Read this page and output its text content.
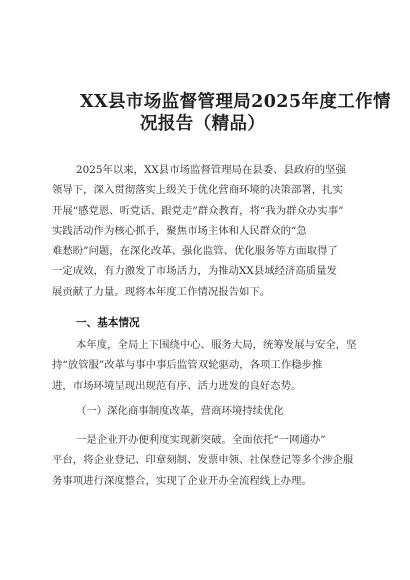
XX县市场监督管理局2025年度工作情
况报告（精品）
2025年以来，XX县市场监督管理局在县委、县政府的坚强
领导下，深入贯彻落实上级关于优化营商环境的决策部署，扎实
开展“感党恩、听党话、跟党走”群众教育，将“我为群众办实事”
实践活动作为核心抓手，聚焦市场主体和人民群众的“急
难愁盼”问题，在深化改革、强化监管、优化服务等方面取得了
一定成效，有力激发了市场活力，为推动XX县域经济高质量发
展贡献了力量。现将本年度工作情况报告如下。
一、基本情况
本年度，全局上下围绕中心、服务大局，统筹发展与安全，坚
持“放管服”改革与事中事后监管双轮驱动，各项工作稳步推
进，市场环境呈现出规范有序、活力迸发的良好态势。
（一）深化商事制度改革，营商环境持续优化
一是企业开办便利度实现新突破。全面依托“一网通办”
平台，将企业登记、印章刻制、发票申领、社保登记等多个涉企服
务事项进行深度整合，实现了企业开办全流程线上办理。
